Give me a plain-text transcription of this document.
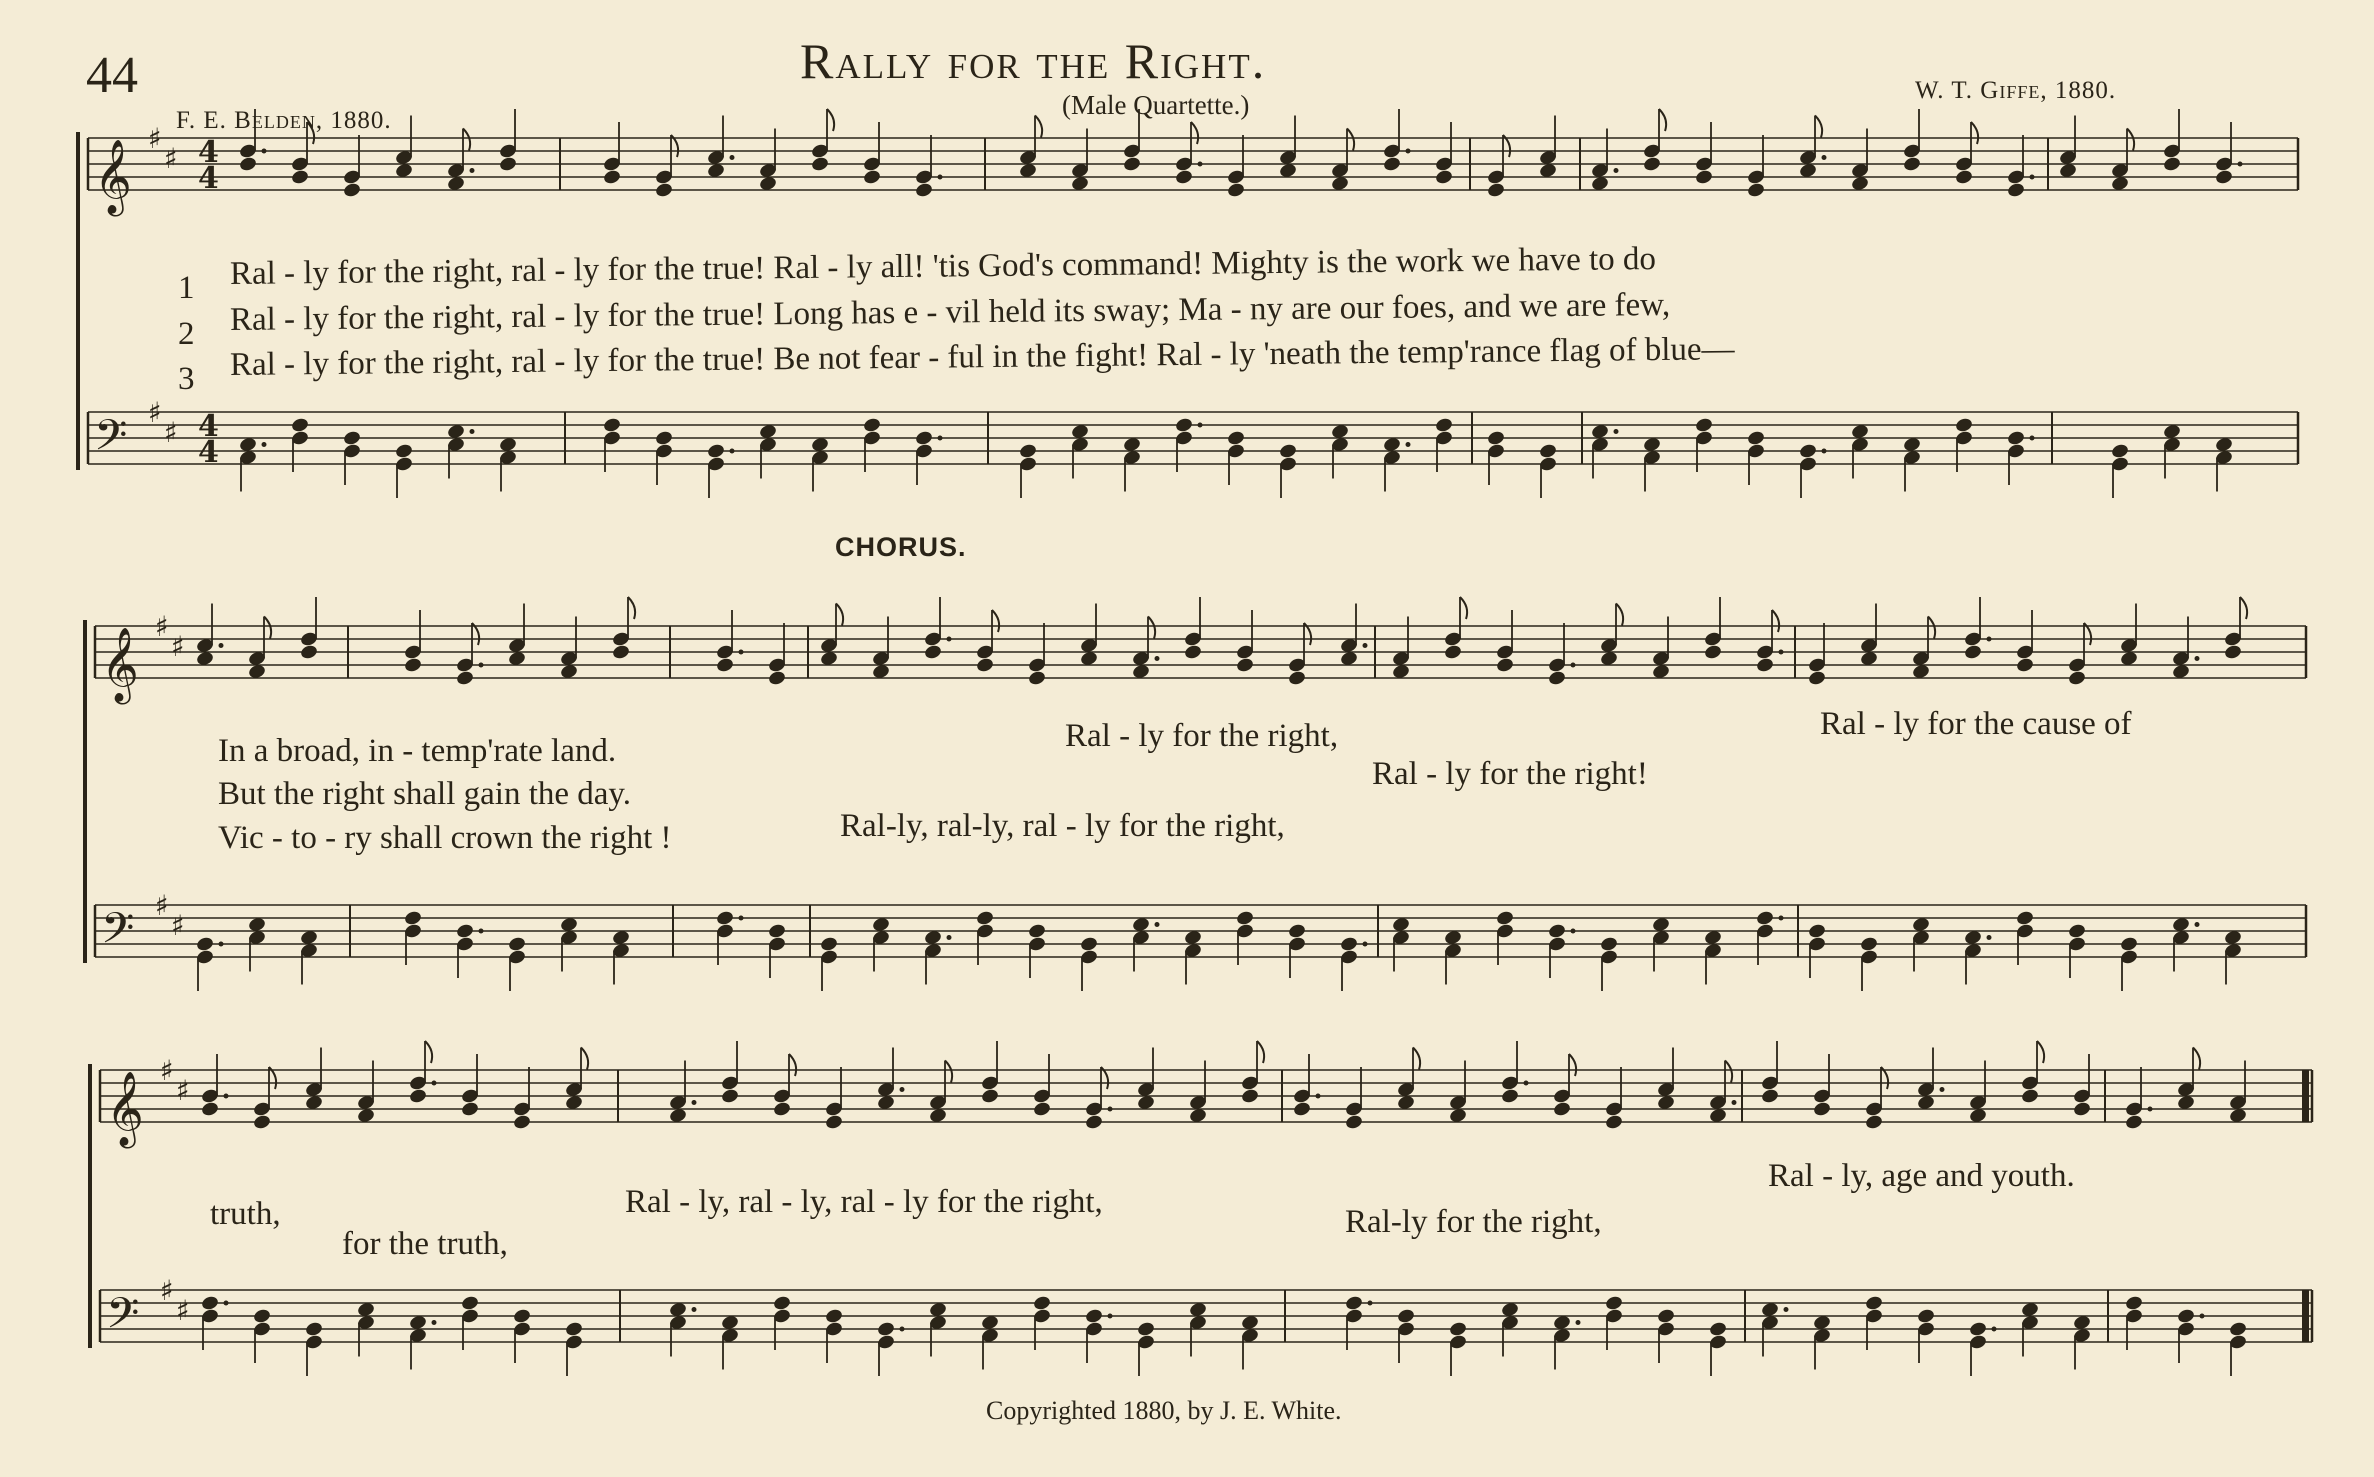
𝄞
♯
♯
𝄢 ♯
♯
𝄞
♯
♯
𝄢 ♯
♯
𝄞
♯
♯
𝄢 ♯
♯
4
4
4
4
44	Rally for the Right.
(Male Quartette.)
F. E. Belden, 1880.
W. T. Giffe, 1880.
1 Ral - ly for the right, ral - ly for the true! Ral - ly all! 'tis God's command! Mighty is the work we have to do
2 Ral - ly for the right, ral - ly for the true! Long has e - vil held its sway; Ma - ny are our foes, and we are few,
3 Ral - ly for the right, ral - ly for the true! Be not fear - ful in the fight! Ral - ly 'neath the temp'rance flag of blue—
CHORUS.
In a broad, in - temp'rate land.
But the right shall gain the day.
Vic - to - ry shall crown the right !
Ral - ly for the right,
Ral-ly, ral-ly, ral - ly for the right,
Ral - ly for the right!
Ral - ly for the cause of
truth,
for the truth,
Ral - ly, ral - ly, ral - ly for the right,
Ral-ly for the right,
Ral - ly, age and youth.
Copyrighted 1880, by J. E. White.
